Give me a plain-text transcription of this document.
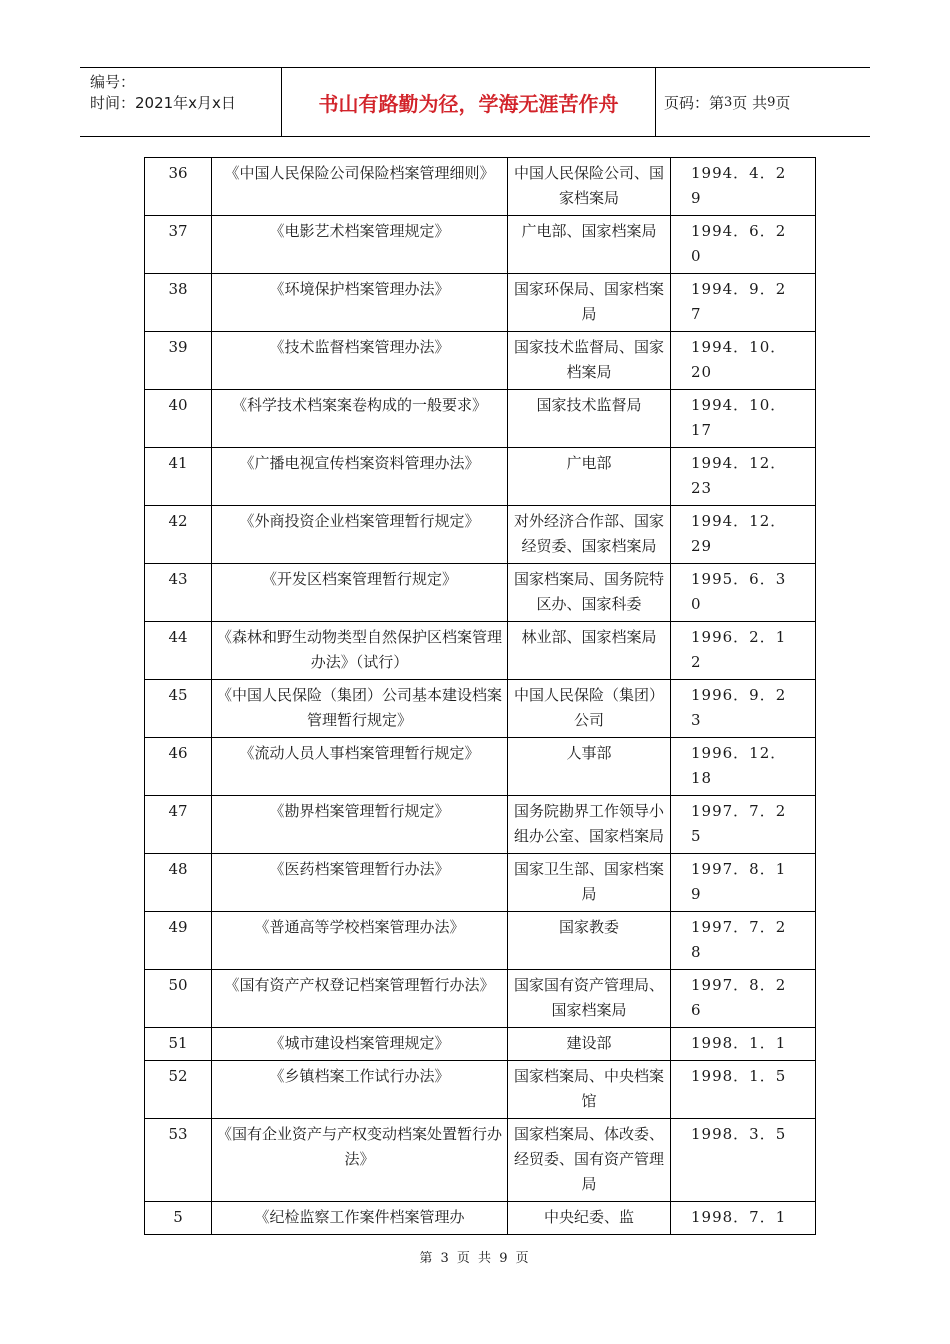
编号：
时间：2021年x月x日	书山有路勤为径，学海无涯苦作舟	页码：第 3 页 共 9 页
36	《中国人民保险公司保险档案管理细则》	中国人民保险公司、国家档案局	1994．4．29

37	《电影艺术档案管理规定》	广电部、国家档案局	1994．6．20

38	《环境保护档案管理办法》	国家环保局、国家档案局	1994．9．27

39	《技术监督档案管理办法》	国家技术监督局、国家档案局	1994．10．20

40	《科学技术档案案卷构成的一般要求》	国家技术监督局	1994．10．17

41	《广播电视宣传档案资料管理办法》	广电部	1994．12．23

42	《外商投资企业档案管理暂行规定》	对外经济合作部、国家经贸委、国家档案局	1994．12．29

43	《开发区档案管理暂行规定》	国家档案局、国务院特区办、国家科委	1995．6．30

44	《森林和野生动物类型自然保护区档案管理办法》（试行）	林业部、国家档案局	1996．2．12

45	《中国人民保险（集团）公司基本建设档案管理暂行规定》	中国人民保险（集团）公司	1996．9．23

46	《流动人员人事档案管理暂行规定》	人事部	1996．12．18

47	《勘界档案管理暂行规定》	国务院勘界工作领导小组办公室、国家档案局	1997．7．25

48	《医药档案管理暂行办法》	国家卫生部、国家档案局	1997．8．19

49	《普通高等学校档案管理办法》	国家教委	1997．7．28

50	《国有资产产权登记档案管理暂行办法》	国家国有资产管理局、国家档案局	1997．8．26

51	《城市建设档案管理规定》	建设部	1998．1．1

52	《乡镇档案工作试行办法》	国家档案局、中央档案馆	1998．1．5

53	《国有企业资产与产权变动档案处置暂行办法》	国家档案局、体改委、经贸委、国有资产管理局	1998．3．5

5	《纪检监察工作案件档案管理办	中央纪委、监	1998．7．1
第 3 页 共 9 页
